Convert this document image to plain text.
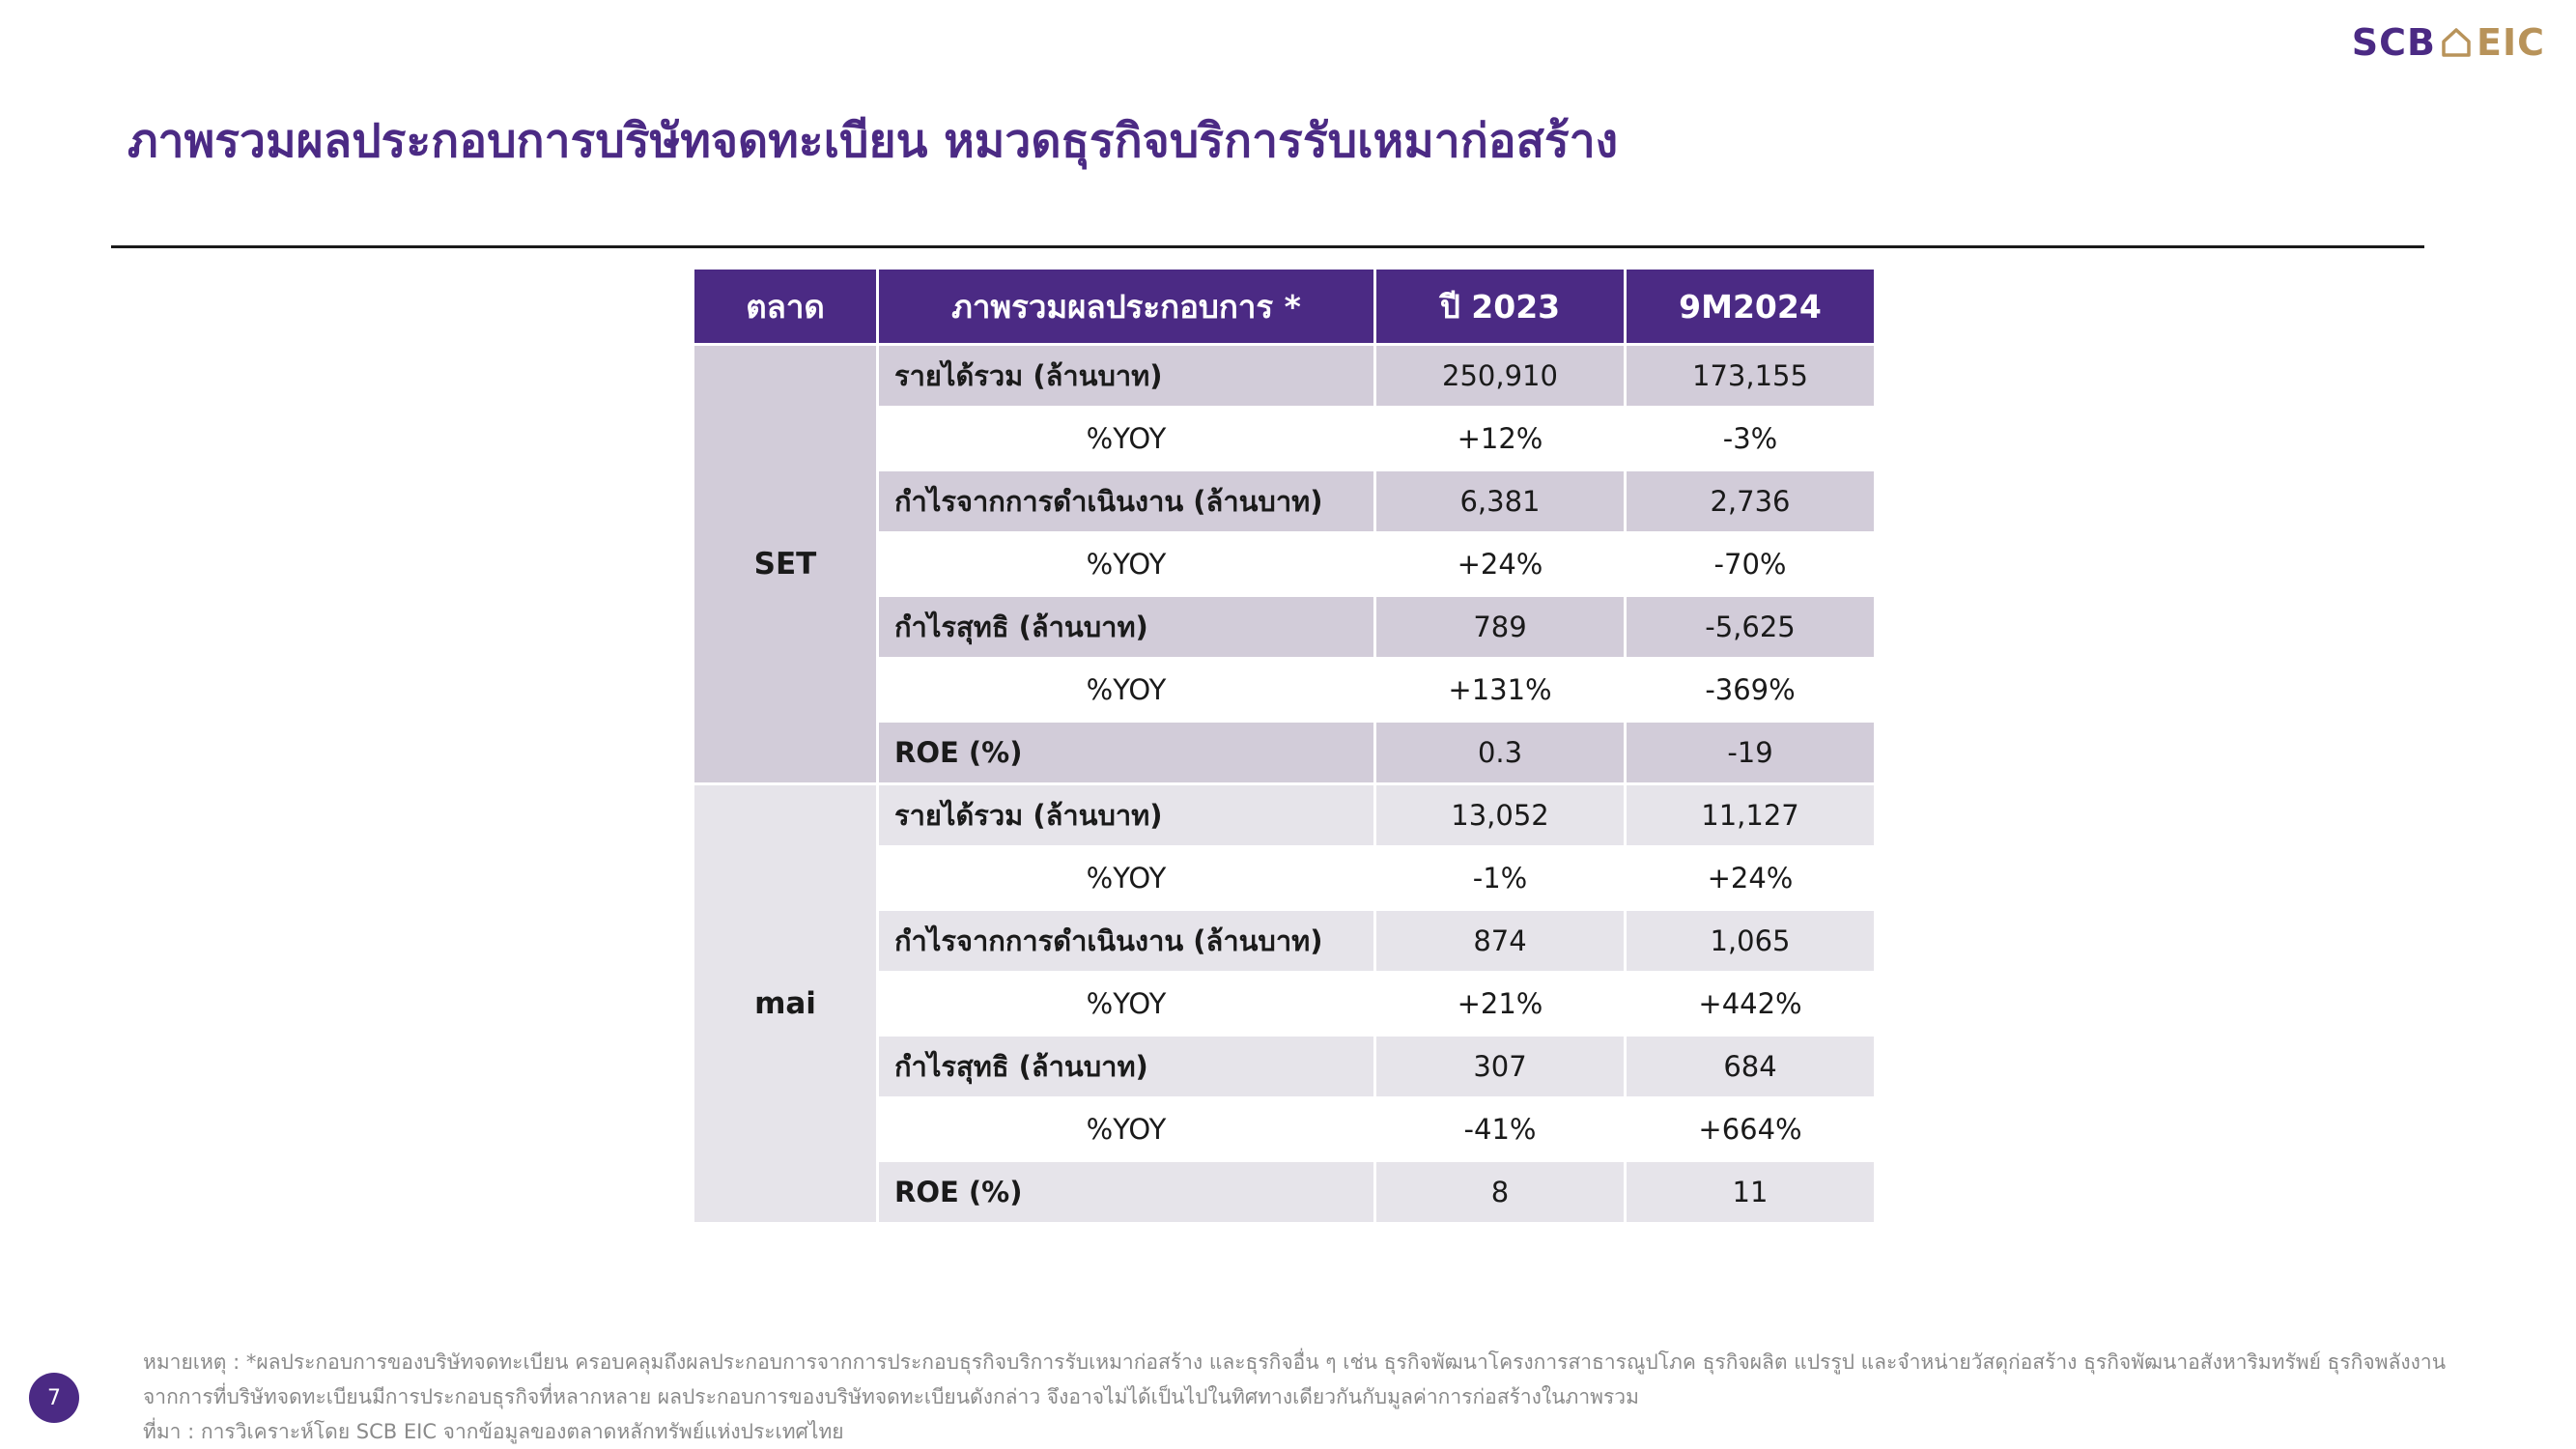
SCB EIC
ภาพรวมผลประกอบการบริษัทจดทะเบียน หมวดธุรกิจบริการรับเหมาก่อสร้าง
ตลาด	ภาพรวมผลประกอบการ *	ปี 2023	9M2024
SET	รายได้รวม (ล้านบาท)	250,910	173,155
	%YOY	+12%	-3%
	กำไรจากการดำเนินงาน (ล้านบาท)	6,381	2,736
	%YOY	+24%	-70%
	กำไรสุทธิ (ล้านบาท)	789	-5,625
	%YOY	+131%	-369%
	ROE (%)	0.3	-19
mai	รายได้รวม (ล้านบาท)	13,052	11,127
	%YOY	-1%	+24%
	กำไรจากการดำเนินงาน (ล้านบาท)	874	1,065
	%YOY	+21%	+442%
	กำไรสุทธิ (ล้านบาท)	307	684
	%YOY	-41%	+664%
	ROE (%)	8	11
หมายเหตุ : *ผลประกอบการของบริษัทจดทะเบียน ครอบคลุมถึงผลประกอบการจากการประกอบธุรกิจบริการรับเหมาก่อสร้าง และธุรกิจอื่น ๆ เช่น ธุรกิจพัฒนาโครงการสาธารณูปโภค ธุรกิจผลิต แปรรูป และจำหน่ายวัสดุก่อสร้าง ธุรกิจพัฒนาอสังหาริมทรัพย์ ธุรกิจพลังงาน
จากการที่บริษัทจดทะเบียนมีการประกอบธุรกิจที่หลากหลาย ผลประกอบการของบริษัทจดทะเบียนดังกล่าว จึงอาจไม่ได้เป็นไปในทิศทางเดียวกันกับมูลค่าการก่อสร้างในภาพรวม
ที่มา : การวิเคราะห์โดย SCB EIC จากข้อมูลของตลาดหลักทรัพย์แห่งประเทศไทย
7
